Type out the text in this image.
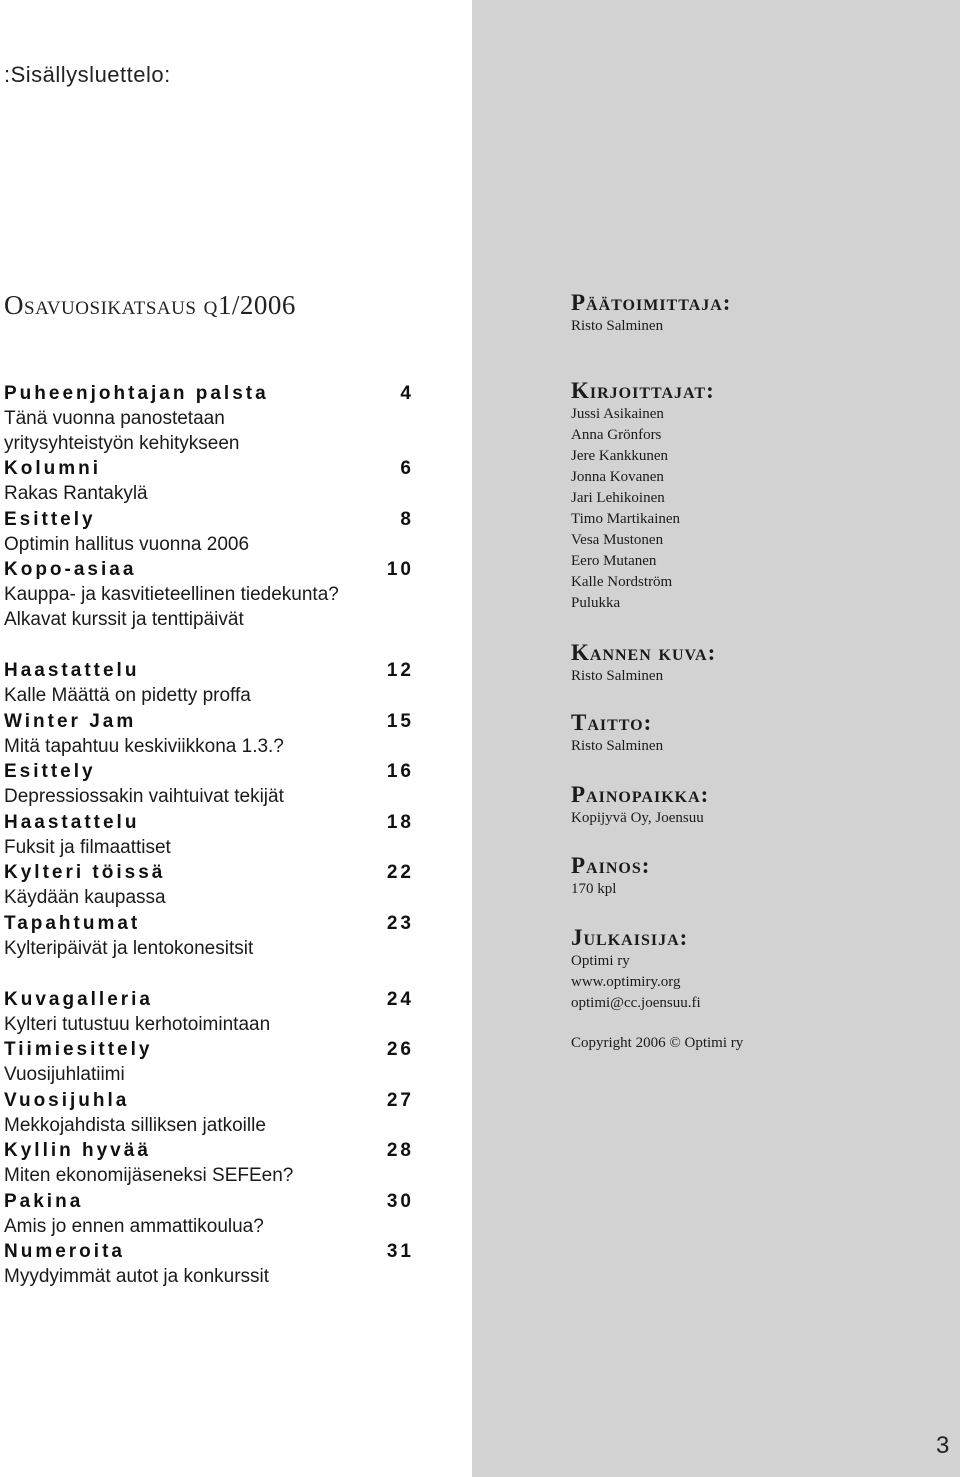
:Sisällysluettelo:
Osavuosikatsaus q1/2006
Puheenjohtajan palsta	4
Tänä vuonna panostetaan
yritysyhteistyön kehitykseen
Kolumni	6
Rakas Rantakylä
Esittely	8
Optimin hallitus vuonna 2006
Kopo-asiaa	10
Kauppa- ja kasvitieteellinen tiedekunta?
Alkavat kurssit ja tenttipäivät
Haastattelu	12
Kalle Määttä on pidetty proffa
Winter Jam	15
Mitä tapahtuu keskiviikkona 1.3.?
Esittely	16
Depressiossakin vaihtuivat tekijät
Haastattelu	18
Fuksit ja filmaattiset
Kylteri töissä	22
Käydään kaupassa
Tapahtumat	23
Kylteripäivät ja lentokonesitsit
Kuvagalleria	24
Kylteri tutustuu kerhotoimintaan
Tiimiesittely	26
Vuosijuhlatiimi
Vuosijuhla	27
Mekkojahdista silliksen jatkoille
Kyllin hyvää	28
Miten ekonomijäseneksi SEFEen?
Pakina	30
Amis jo ennen ammattikoulua?
Numeroita	31
Myydyimmät autot ja konkurssit
Päätoimittaja:
Risto Salminen
Kirjoittajat:
Jussi Asikainen
Anna Grönfors
Jere Kankkunen
Jonna Kovanen
Jari Lehikoinen
Timo Martikainen
Vesa Mustonen
Eero Mutanen
Kalle Nordström
Pulukka
Kannen kuva:
Risto Salminen
Taitto:
Risto Salminen
Painopaikka:
Kopijyvä Oy, Joensuu
Painos:
170 kpl
Julkaisija:
Optimi ry
www.optimiry.org
optimi@cc.joensuu.fi
Copyright 2006 © Optimi ry
3
